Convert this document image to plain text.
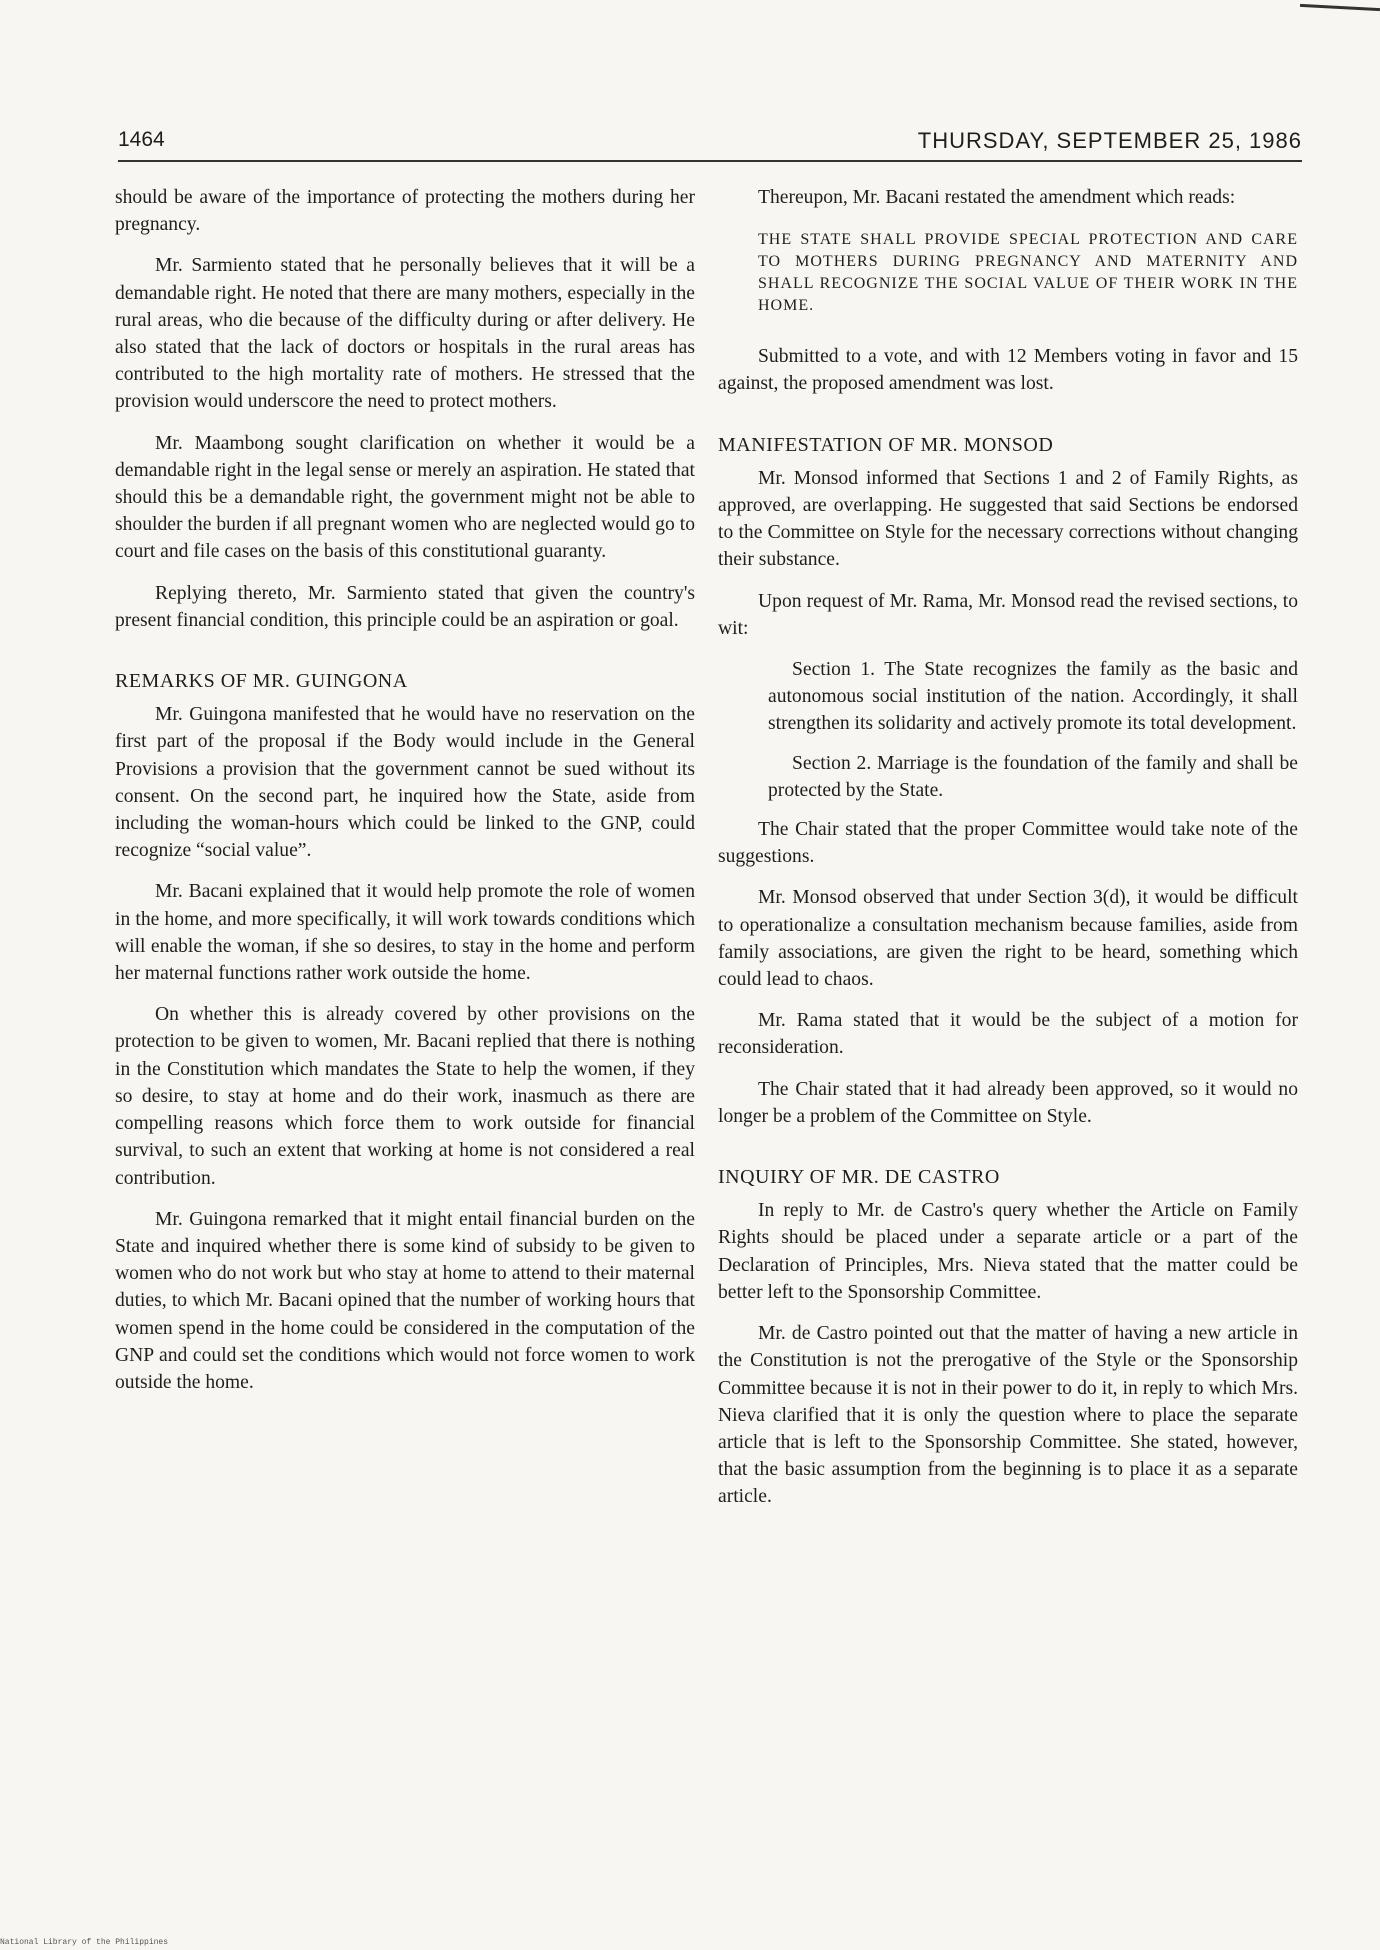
1464	THURSDAY, SEPTEMBER 25, 1986

should be aware of the importance of protecting the mothers during her pregnancy.

Mr. Sarmiento stated that he personally believes that it will be a demandable right. He noted that there are many mothers, especially in the rural areas, who die because of the difficulty during or after delivery. He also stated that the lack of doctors or hospitals in the rural areas has contributed to the high mortality rate of mothers. He stressed that the provision would underscore the need to protect mothers.

Mr. Maambong sought clarification on whether it would be a demandable right in the legal sense or merely an aspiration. He stated that should this be a demandable right, the government might not be able to shoulder the burden if all pregnant women who are neglected would go to court and file cases on the basis of this constitutional guaranty.

Replying thereto, Mr. Sarmiento stated that given the country's present financial condition, this principle could be an aspiration or goal.

REMARKS OF MR. GUINGONA

Mr. Guingona manifested that he would have no reservation on the first part of the proposal if the Body would include in the General Provisions a provision that the government cannot be sued without its consent. On the second part, he inquired how the State, aside from including the woman-hours which could be linked to the GNP, could recognize “social value”.

Mr. Bacani explained that it would help promote the role of women in the home, and more specifically, it will work towards conditions which will enable the woman, if she so desires, to stay in the home and perform her maternal functions rather work outside the home.

On whether this is already covered by other provisions on the protection to be given to women, Mr. Bacani replied that there is nothing in the Constitution which mandates the State to help the women, if they so desire, to stay at home and do their work, inasmuch as there are compelling reasons which force them to work outside for financial survival, to such an extent that working at home is not considered a real contribution.

Mr. Guingona remarked that it might entail financial burden on the State and inquired whether there is some kind of subsidy to be given to women who do not work but who stay at home to attend to their maternal duties, to which Mr. Bacani opined that the number of working hours that women spend in the home could be considered in the computation of the GNP and could set the conditions which would not force women to work outside the home.

Thereupon, Mr. Bacani restated the amendment which reads:

THE STATE SHALL PROVIDE SPECIAL PROTECTION AND CARE TO MOTHERS DURING PREGNANCY AND MATERNITY AND SHALL RECOGNIZE THE SOCIAL VALUE OF THEIR WORK IN THE HOME.

Submitted to a vote, and with 12 Members voting in favor and 15 against, the proposed amendment was lost.

MANIFESTATION OF MR. MONSOD

Mr. Monsod informed that Sections 1 and 2 of Family Rights, as approved, are overlapping. He suggested that said Sections be endorsed to the Committee on Style for the necessary corrections without changing their substance.

Upon request of Mr. Rama, Mr. Monsod read the revised sections, to wit:

Section 1. The State recognizes the family as the basic and autonomous social institution of the nation. Accordingly, it shall strengthen its solidarity and actively promote its total development.

Section 2. Marriage is the foundation of the family and shall be protected by the State.

The Chair stated that the proper Committee would take note of the suggestions.

Mr. Monsod observed that under Section 3(d), it would be difficult to operationalize a consultation mechanism because families, aside from family associations, are given the right to be heard, something which could lead to chaos.

Mr. Rama stated that it would be the subject of a motion for reconsideration.

The Chair stated that it had already been approved, so it would no longer be a problem of the Committee on Style.

INQUIRY OF MR. DE CASTRO

In reply to Mr. de Castro's query whether the Article on Family Rights should be placed under a separate article or a part of the Declaration of Principles, Mrs. Nieva stated that the matter could be better left to the Sponsorship Committee.

Mr. de Castro pointed out that the matter of having a new article in the Constitution is not the prerogative of the Style or the Sponsorship Committee because it is not in their power to do it, in reply to which Mrs. Nieva clarified that it is only the question where to place the separate article that is left to the Sponsorship Committee. She stated, however, that the basic assumption from the beginning is to place it as a separate article.

National Library of the Philippines
